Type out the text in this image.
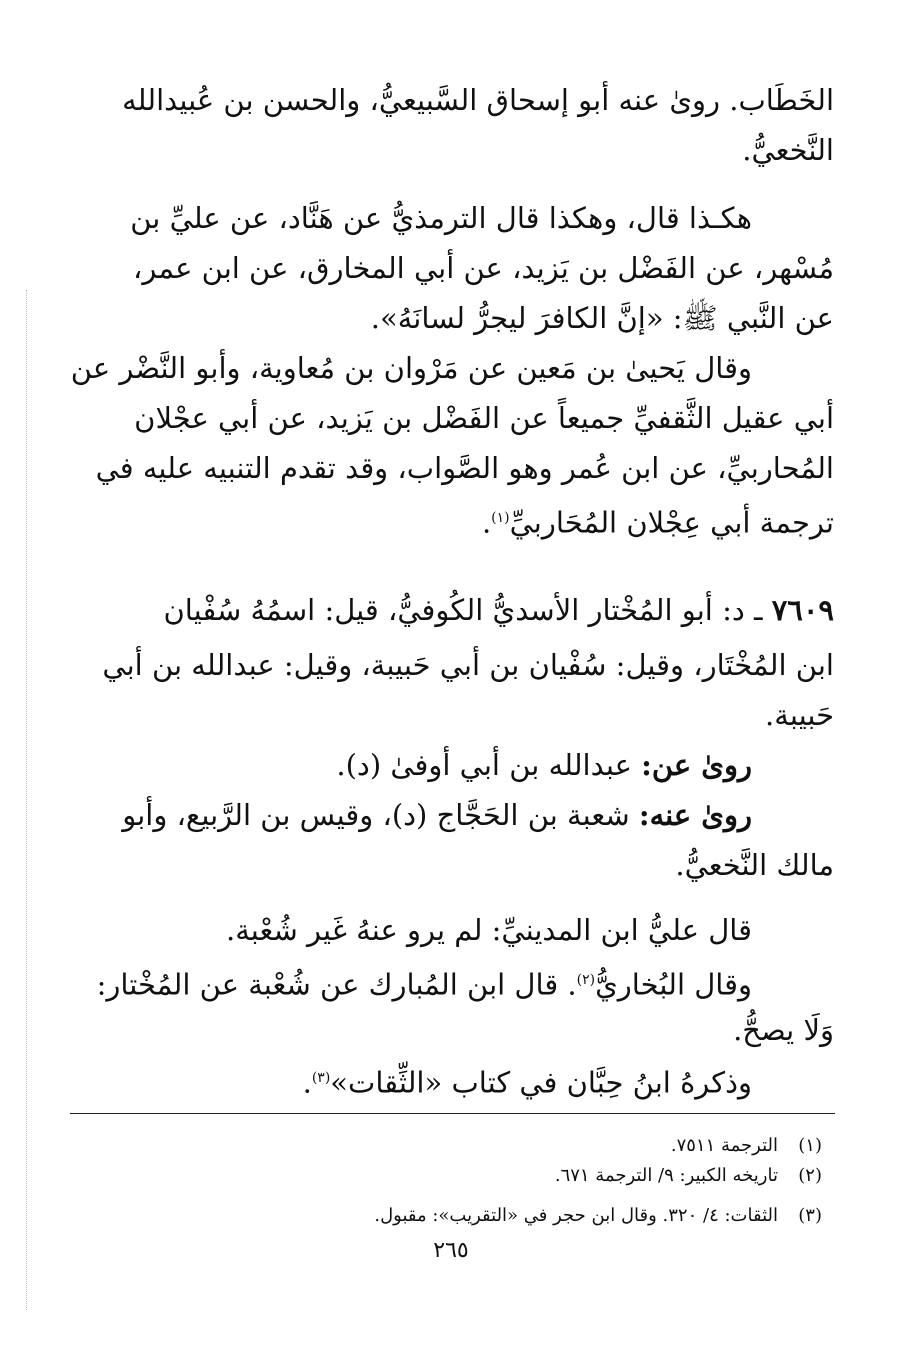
الخَطَاب. روىٰ عنه أبو إسحاق السَّبيعيُّ، والحسن بن عُبيدالله
النَّخعيُّ.
هكـذا قال، وهكذا قال الترمذيُّ عن هَنَّاد، عن عليِّ بن
مُسْهر، عن الفَضْل بن يَزيد، عن أبي المخارق، عن ابن عمر،
عن النَّبي ﷺ: «إنَّ الكافرَ ليجرُّ لسانَهُ».
وقال يَحيىٰ بن مَعين عن مَرْوان بن مُعاوية، وأبو النَّضْر عن
أبي عقيل الثَّقفيِّ جميعاً عن الفَضْل بن يَزيد، عن أبي عجْلان
المُحاربيِّ، عن ابن عُمر وهو الصَّواب، وقد تقدم التنبيه عليه في
ترجمة أبي عِجْلان المُحَاربيِّ$^{(١)}$.
٧٦٠٩ ـ د: أبو المُخْتار الأسديُّ الكُوفيُّ، قيل: اسمُهُ سُفْيان
ابن المُخْتَار، وقيل: سُفْيان بن أبي حَبيبة، وقيل: عبدالله بن أبي
حَبيبة.
روىٰ عن: عبدالله بن أبي أوفىٰ (د).
روىٰ عنه: شعبة بن الحَجَّاج (د)، وقيس بن الرَّبيع، وأبو
مالك النَّخعيُّ.
قال عليُّ ابن المدينيِّ: لم يرو عنهُ غَير شُعْبة.
وقال البُخاريُّ$^{(٢)}$. قال ابن المُبارك عن شُعْبة عن المُخْتار:
وَلَا يصحُّ.
وذكرهُ ابنُ حِبَّان في كتاب «الثِّقات»$^{(٣)}$.
(١)الترجمة ٧٥١١.
(٢)تاريخه الكبير: ٩/ الترجمة ٦٧١.
(٣)الثقات: ٤/ ٣٢٠. وقال ابن حجر في «التقريب»: مقبول.
٢٦٥
